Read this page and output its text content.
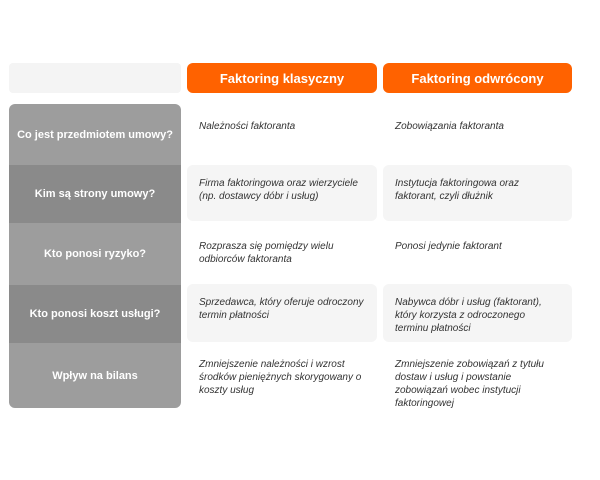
Faktoring klasyczny	Faktoring odwrócony
Co jest przedmiotem umowy?
Kim są strony umowy?
Kto ponosi ryzyko?
Kto ponosi koszt usługi?
Wpływ na bilans
Należności faktoranta	Zobowiązania faktoranta
Firma faktoringowa oraz wierzyciele (np. dostawcy dóbr i usług)
Instytucja faktoringowa oraz faktorant, czyli dłużnik
Rozprasza się pomiędzy wielu odbiorców faktoranta
Ponosi jedynie faktorant
Sprzedawca, który oferuje odroczony termin płatności
Nabywca dóbr i usług (faktorant), który korzysta z odroczonego terminu płatności
Zmniejszenie należności i wzrost środków pieniężnych skorygowany o koszty usług
Zmniejszenie zobowiązań z tytułu dostaw i usług i powstanie zobowiązań wobec instytucji faktoringowej
